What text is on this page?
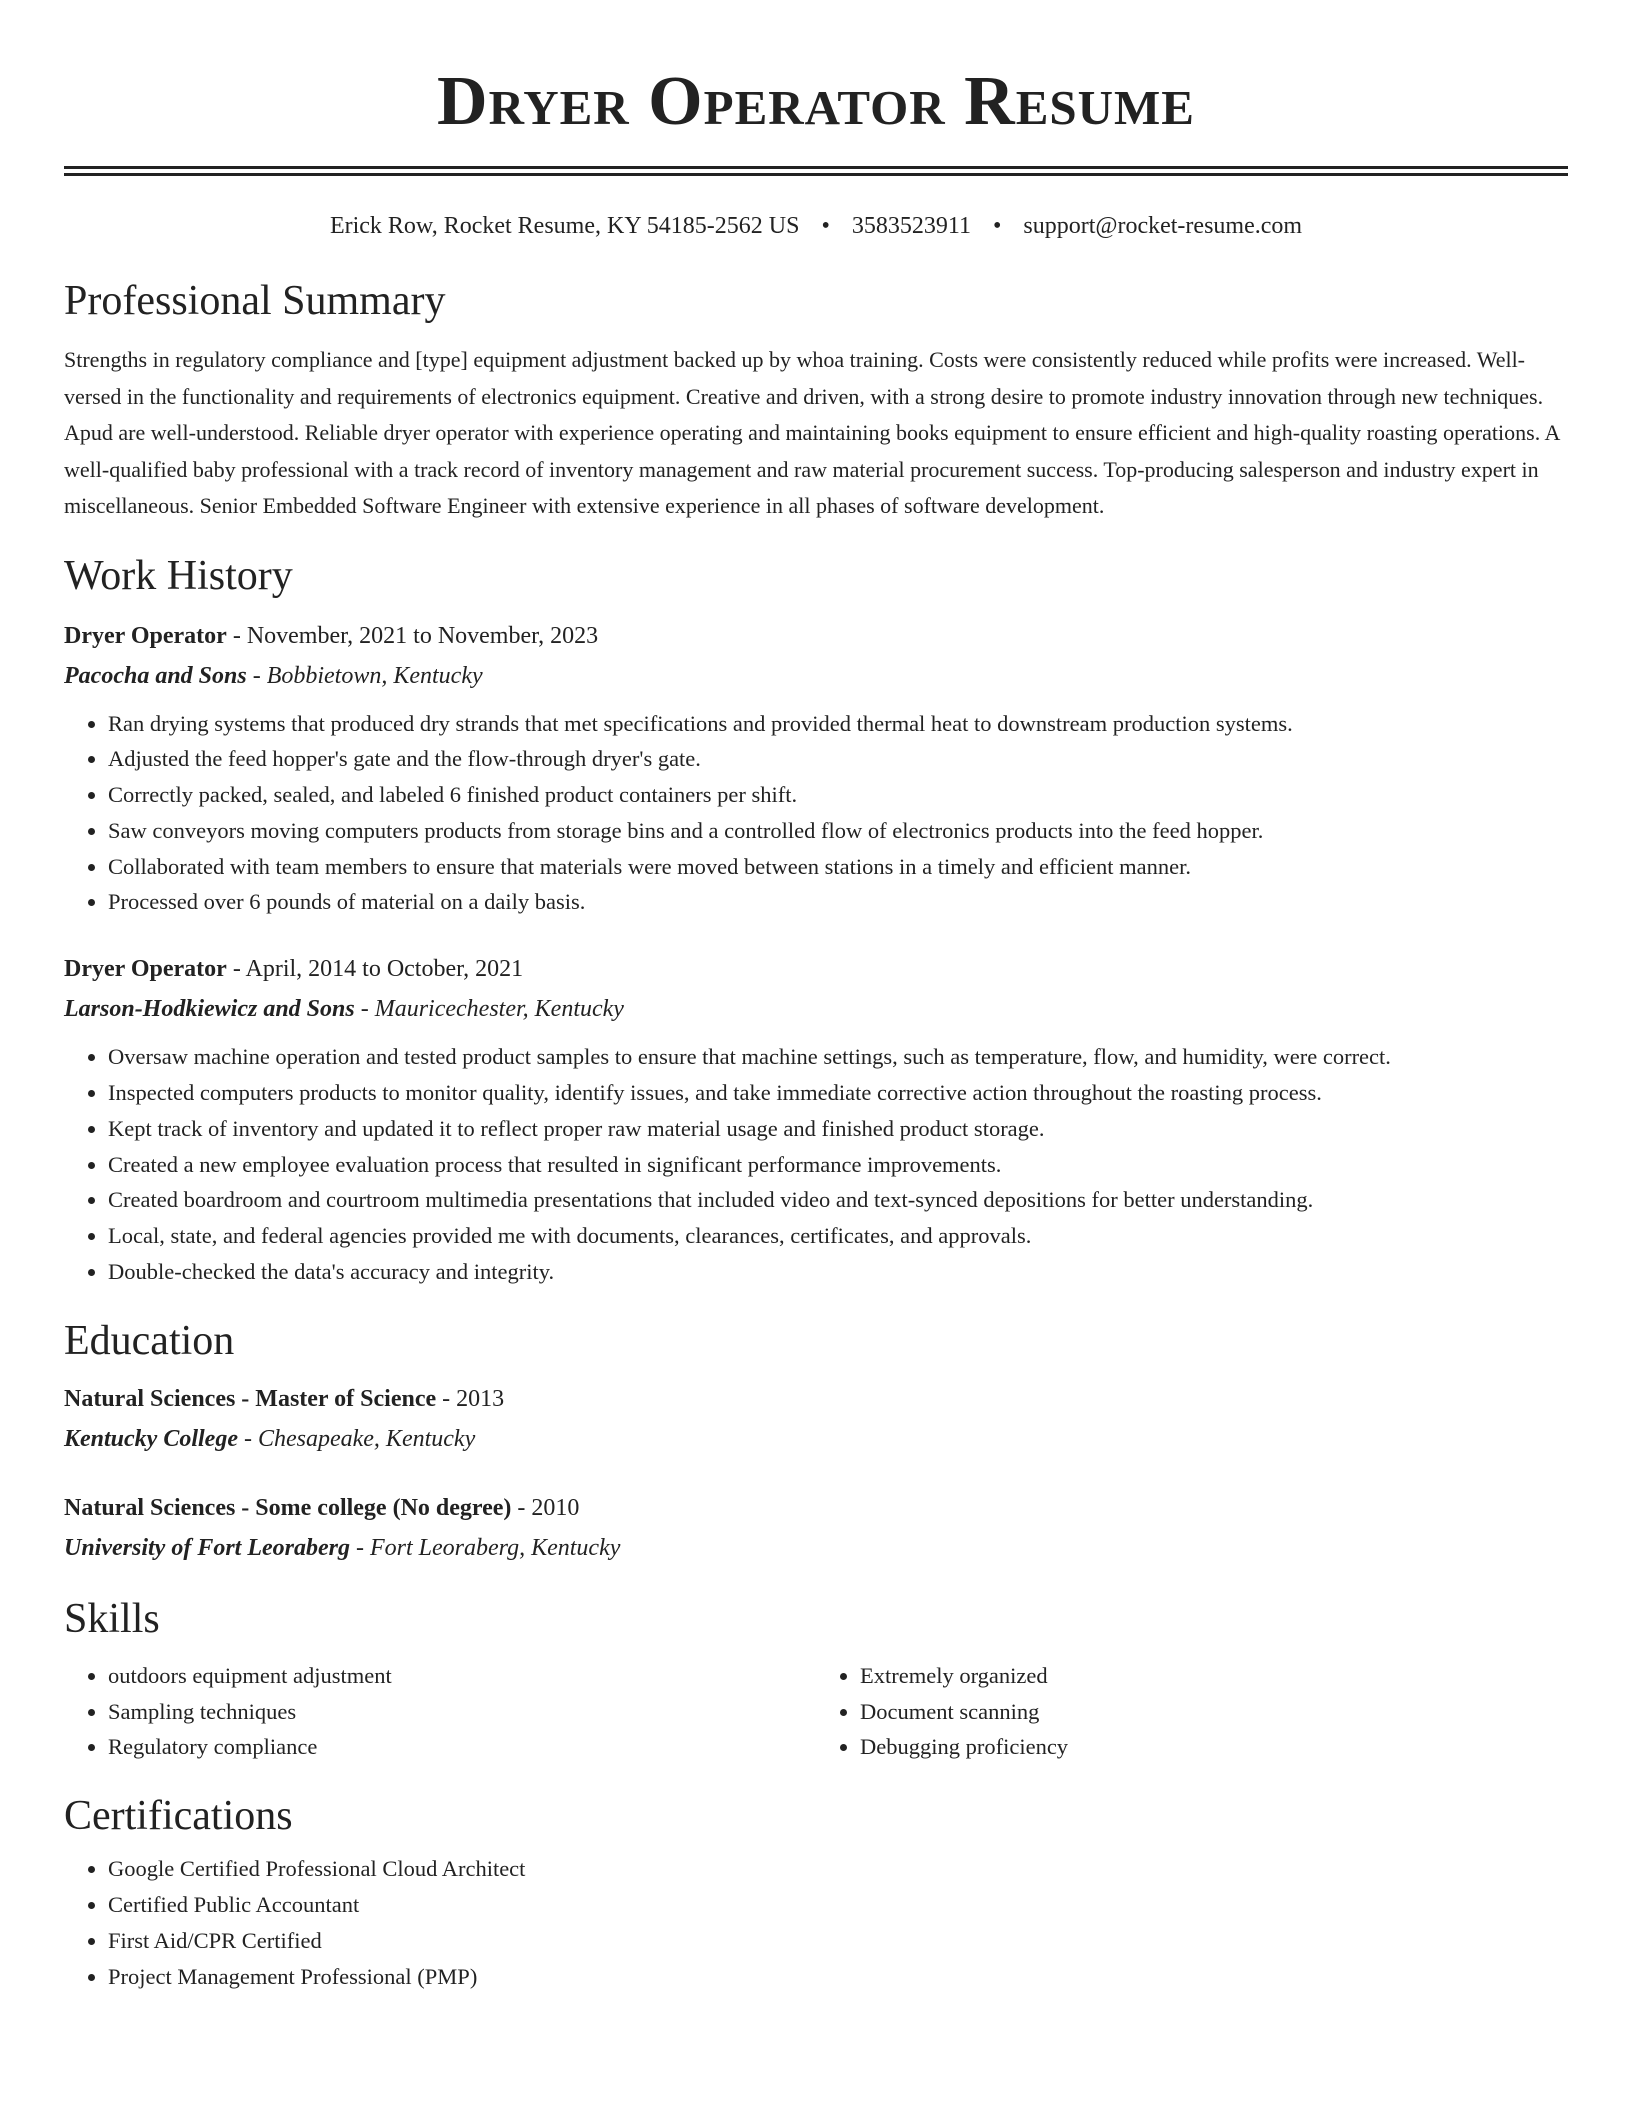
Dryer Operator Resume
Erick Row, Rocket Resume, KY 54185-2562 US • 3583523911 • support@rocket-resume.com
Professional Summary

Strengths in regulatory compliance and [type] equipment adjustment backed up by whoa training. Costs were consistently reduced while profits were increased. Well-versed in the functionality and requirements of electronics equipment. Creative and driven, with a strong desire to promote industry innovation through new techniques. Apud are well-understood. Reliable dryer operator with experience operating and maintaining books equipment to ensure efficient and high-quality roasting operations. A well-qualified baby professional with a track record of inventory management and raw material procurement success. Top-producing salesperson and industry expert in miscellaneous. Senior Embedded Software Engineer with extensive experience in all phases of software development.

Work History
Dryer Operator - November, 2021 to November, 2023
Pacocha and Sons - Bobbietown, Kentucky
• Ran drying systems that produced dry strands that met specifications and provided thermal heat to downstream production systems.
• Adjusted the feed hopper's gate and the flow-through dryer's gate.
• Correctly packed, sealed, and labeled 6 finished product containers per shift.
• Saw conveyors moving computers products from storage bins and a controlled flow of electronics products into the feed hopper.
• Collaborated with team members to ensure that materials were moved between stations in a timely and efficient manner.
• Processed over 6 pounds of material on a daily basis.
Dryer Operator - April, 2014 to October, 2021
Larson-Hodkiewicz and Sons - Mauricechester, Kentucky
• Oversaw machine operation and tested product samples to ensure that machine settings, such as temperature, flow, and humidity, were correct.
• Inspected computers products to monitor quality, identify issues, and take immediate corrective action throughout the roasting process.
• Kept track of inventory and updated it to reflect proper raw material usage and finished product storage.
• Created a new employee evaluation process that resulted in significant performance improvements.
• Created boardroom and courtroom multimedia presentations that included video and text-synced depositions for better understanding.
• Local, state, and federal agencies provided me with documents, clearances, certificates, and approvals.
• Double-checked the data's accuracy and integrity.
Education
Natural Sciences - Master of Science - 2013
Kentucky College - Chesapeake, Kentucky
Natural Sciences - Some college (No degree) - 2010
University of Fort Leoraberg - Fort Leoraberg, Kentucky
Skills
• outdoors equipment adjustment
• Sampling techniques
• Regulatory compliance
• Extremely organized
• Document scanning
• Debugging proficiency
Certifications
• Google Certified Professional Cloud Architect
• Certified Public Accountant
• First Aid/CPR Certified
• Project Management Professional (PMP)
